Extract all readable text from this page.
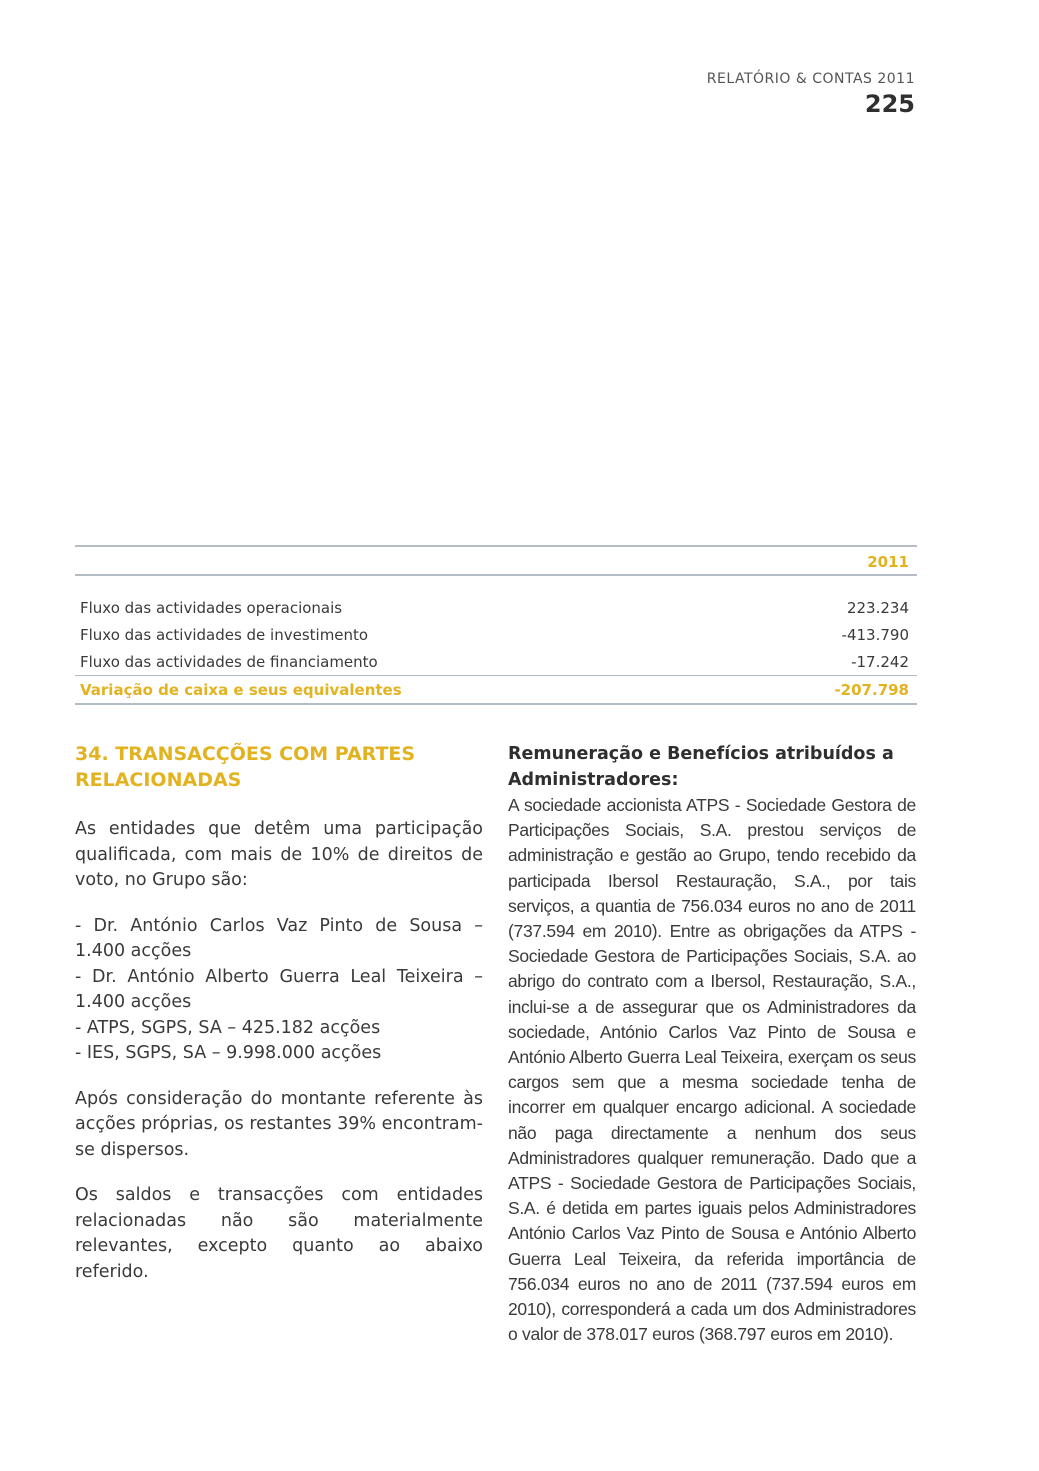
RELATÓRIO & CONTAS 2011
225
2011
Fluxo das actividades operacionais	223.234
Fluxo das actividades de investimento	-413.790
Fluxo das actividades de financiamento	-17.242
Variação de caixa e seus equivalentes	-207.798
34. TRANSACÇÕES COM PARTES RELACIONADAS

As entidades que detêm uma participação qualificada, com mais de 10% de direitos de voto, no Grupo são:

- Dr. António Carlos Vaz Pinto de Sousa – 1.400 acções
- Dr. António Alberto Guerra Leal Teixeira – 1.400 acções
- ATPS, SGPS, SA – 425.182 acções
- IES, SGPS, SA – 9.998.000 acções

Após consideração do montante referente às acções próprias, os restantes 39% encontram-se dispersos.

Os saldos e transacções com entidades relacionadas não são materialmente relevantes, excepto quanto ao abaixo referido.

Remuneração e Benefícios atribuídos a Administradores:

A sociedade accionista ATPS - Sociedade Gestora de Participações Sociais, S.A. prestou serviços de administração e gestão ao Grupo, tendo recebido da participada Ibersol Restauração, S.A., por tais serviços, a quantia de 756.034 euros no ano de 2011 (737.594 em 2010). Entre as obrigações da ATPS - Sociedade Gestora de Participações Sociais, S.A. ao abrigo do contrato com a Ibersol, Restauração, S.A., inclui-se a de assegurar que os Administradores da sociedade, António Carlos Vaz Pinto de Sousa e António Alberto Guerra Leal Teixeira, exerçam os seus cargos sem que a mesma sociedade tenha de incorrer em qualquer encargo adicional. A sociedade não paga directamente a nenhum dos seus Administradores qualquer remuneração. Dado que a ATPS - Sociedade Gestora de Participações Sociais, S.A. é detida em partes iguais pelos Administradores António Carlos Vaz Pinto de Sousa e António Alberto Guerra Leal Teixeira, da referida importância de 756.034 euros no ano de 2011 (737.594 euros em 2010), corresponderá a cada um dos Administradores o valor de 378.017 euros (368.797 euros em 2010).
